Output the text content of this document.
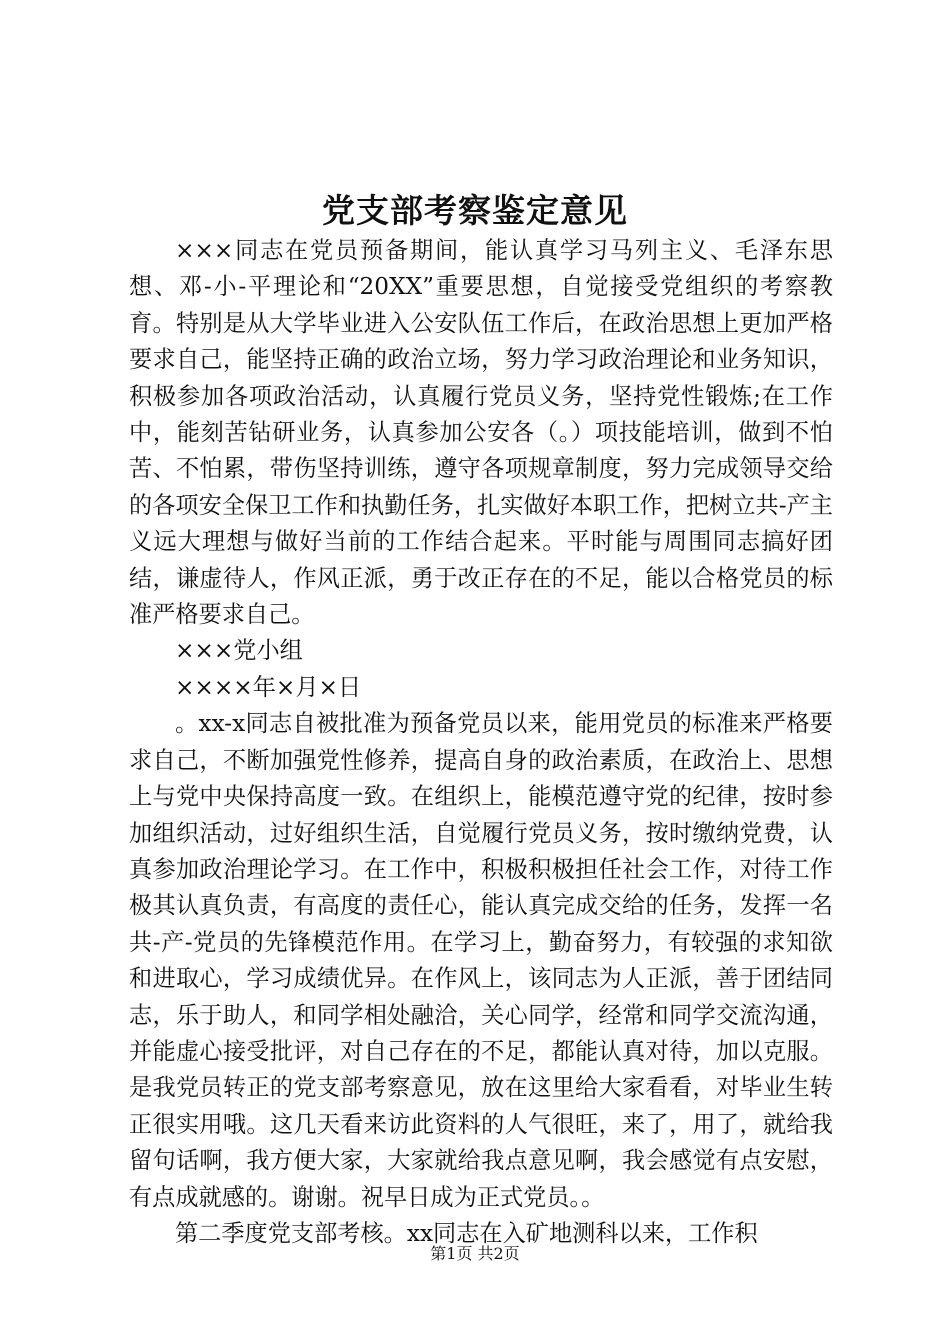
党支部考察鉴定意见

×××同志在党员预备期间，能认真学习马列主义、毛泽东思想、邓-小-平理论和“20XX”重要思想，自觉接受党组织的考察教育。特别是从大学毕业进入公安队伍工作后，在政治思想上更加严格要求自己，能坚持正确的政治立场，努力学习政治理论和业务知识，积极参加各项政治活动，认真履行党员义务，坚持党性锻炼;在工作中，能刻苦钻研业务，认真参加公安各（。）项技能培训，做到不怕苦、不怕累，带伤坚持训练，遵守各项规章制度，努力完成领导交给的各项安全保卫工作和执勤任务，扎实做好本职工作，把树立共-产主义远大理想与做好当前的工作结合起来。平时能与周围同志搞好团结，谦虚待人，作风正派，勇于改正存在的不足，能以合格党员的标准严格要求自己。

×××党小组

××××年×月×日

。xx-x同志自被批准为预备党员以来，能用党员的标准来严格要求自己，不断加强党性修养，提高自身的政治素质，在政治上、思想上与党中央保持高度一致。在组织上，能模范遵守党的纪律，按时参加组织活动，过好组织生活，自觉履行党员义务，按时缴纳党费，认真参加政治理论学习。在工作中，积极积极担任社会工作，对待工作极其认真负责，有高度的责任心，能认真完成交给的任务，发挥一名共-产-党员的先锋模范作用。在学习上，勤奋努力，有较强的求知欲和进取心，学习成绩优异。在作风上，该同志为人正派，善于团结同志，乐于助人，和同学相处融洽，关心同学，经常和同学交流沟通，并能虚心接受批评，对自己存在的不足，都能认真对待，加以克服。是我党员转正的党支部考察意见，放在这里给大家看看，对毕业生转正很实用哦。这几天看来访此资料的人气很旺，来了，用了，就给我留句话啊，我方便大家，大家就给我点意见啊，我会感觉有点安慰，有点成就感的。谢谢。祝早日成为正式党员。。

第二季度党支部考核。xx同志在入矿地测科以来，工作积

第1页 共2页
